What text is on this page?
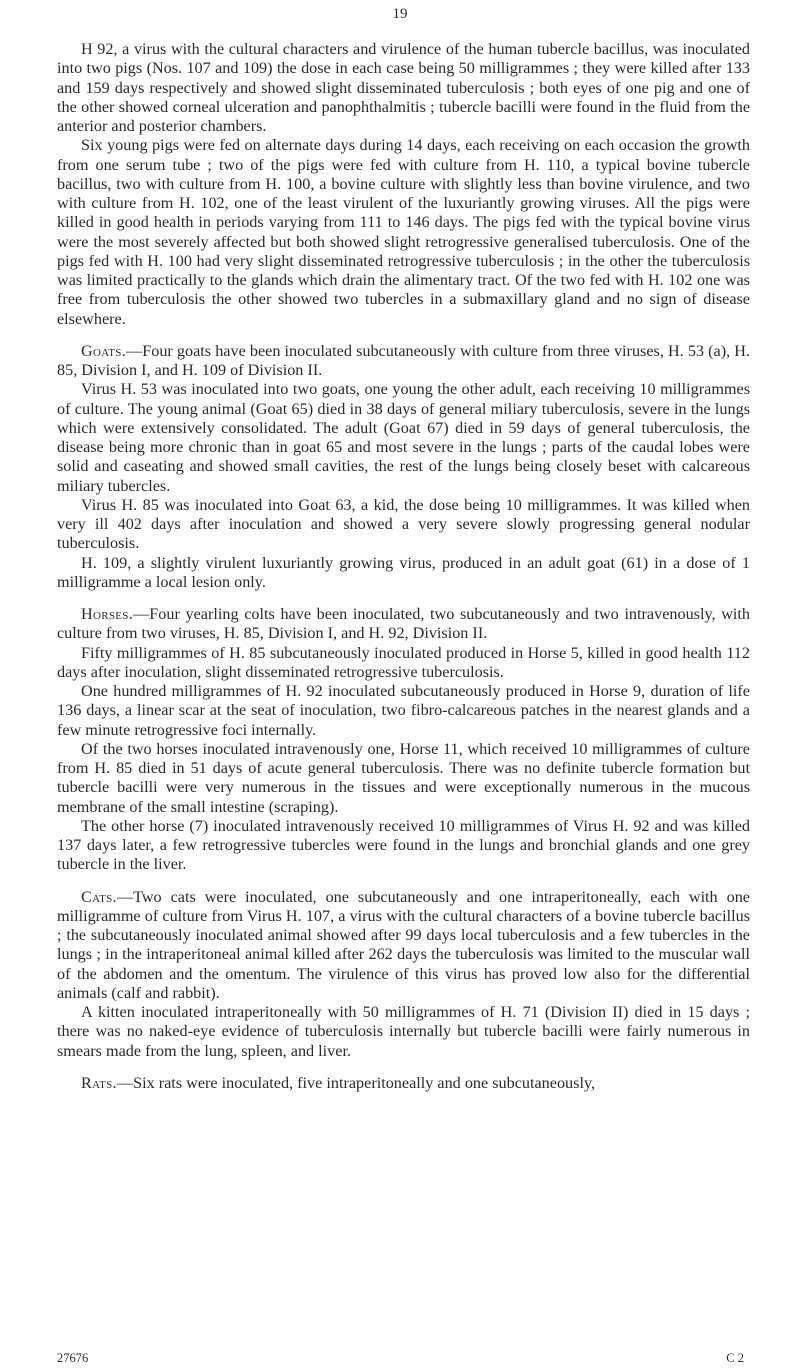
19

H 92, a virus with the cultural characters and virulence of the human tubercle bacillus, was inoculated into two pigs (Nos. 107 and 109) the dose in each case being 50 milligrammes ; they were killed after 133 and 159 days respectively and showed slight disseminated tuberculosis ; both eyes of one pig and one of the other showed corneal ulceration and panophthalmitis ; tubercle bacilli were found in the fluid from the anterior and posterior chambers.

Six young pigs were fed on alternate days during 14 days, each receiving on each occasion the growth from one serum tube ; two of the pigs were fed with culture from H. 110, a typical bovine tubercle bacillus, two with culture from H. 100, a bovine culture with slightly less than bovine virulence, and two with culture from H. 102, one of the least virulent of the luxuriantly growing viruses. All the pigs were killed in good health in periods varying from 111 to 146 days. The pigs fed with the typical bovine virus were the most severely affected but both showed slight retrogressive generalised tuberculosis. One of the pigs fed with H. 100 had very slight disseminated retrogressive tuberculosis ; in the other the tuberculosis was limited practically to the glands which drain the alimentary tract. Of the two fed with H. 102 one was free from tuberculosis the other showed two tubercles in a submaxillary gland and no sign of disease elsewhere.

Goats.—Four goats have been inoculated subcutaneously with culture from three viruses, H. 53 (a), H. 85, Division I, and H. 109 of Division II.

Virus H. 53 was inoculated into two goats, one young the other adult, each receiving 10 milligrammes of culture. The young animal (Goat 65) died in 38 days of general miliary tuberculosis, severe in the lungs which were extensively consolidated. The adult (Goat 67) died in 59 days of general tuberculosis, the disease being more chronic than in goat 65 and most severe in the lungs ; parts of the caudal lobes were solid and caseating and showed small cavities, the rest of the lungs being closely beset with calcareous miliary tubercles.

Virus H. 85 was inoculated into Goat 63, a kid, the dose being 10 milligrammes. It was killed when very ill 402 days after inoculation and showed a very severe slowly progressing general nodular tuberculosis.

H. 109, a slightly virulent luxuriantly growing virus, produced in an adult goat (61) in a dose of 1 milligramme a local lesion only.

Horses.—Four yearling colts have been inoculated, two subcutaneously and two intravenously, with culture from two viruses, H. 85, Division I, and H. 92, Division II.

Fifty milligrammes of H. 85 subcutaneously inoculated produced in Horse 5, killed in good health 112 days after inoculation, slight disseminated retrogressive tuberculosis.

One hundred milligrammes of H. 92 inoculated subcutaneously produced in Horse 9, duration of life 136 days, a linear scar at the seat of inoculation, two fibro-calcareous patches in the nearest glands and a few minute retrogressive foci internally.

Of the two horses inoculated intravenously one, Horse 11, which received 10 milligrammes of culture from H. 85 died in 51 days of acute general tuberculosis. There was no definite tubercle formation but tubercle bacilli were very numerous in the tissues and were exceptionally numerous in the mucous membrane of the small intestine (scraping).

The other horse (7) inoculated intravenously received 10 milligrammes of Virus H. 92 and was killed 137 days later, a few retrogressive tubercles were found in the lungs and bronchial glands and one grey tubercle in the liver.

Cats.—Two cats were inoculated, one subcutaneously and one intraperitoneally, each with one milligramme of culture from Virus H. 107, a virus with the cultural characters of a bovine tubercle bacillus ; the subcutaneously inoculated animal showed after 99 days local tuberculosis and a few tubercles in the lungs ; in the intraperitoneal animal killed after 262 days the tuberculosis was limited to the muscular wall of the abdomen and the omentum. The virulence of this virus has proved low also for the differential animals (calf and rabbit).

A kitten inoculated intraperitoneally with 50 milligrammes of H. 71 (Division II) died in 15 days ; there was no naked-eye evidence of tuberculosis internally but tubercle bacilli were fairly numerous in smears made from the lung, spleen, and liver.

Rats.—Six rats were inoculated, five intraperitoneally and one subcutaneously,

27676	C 2
